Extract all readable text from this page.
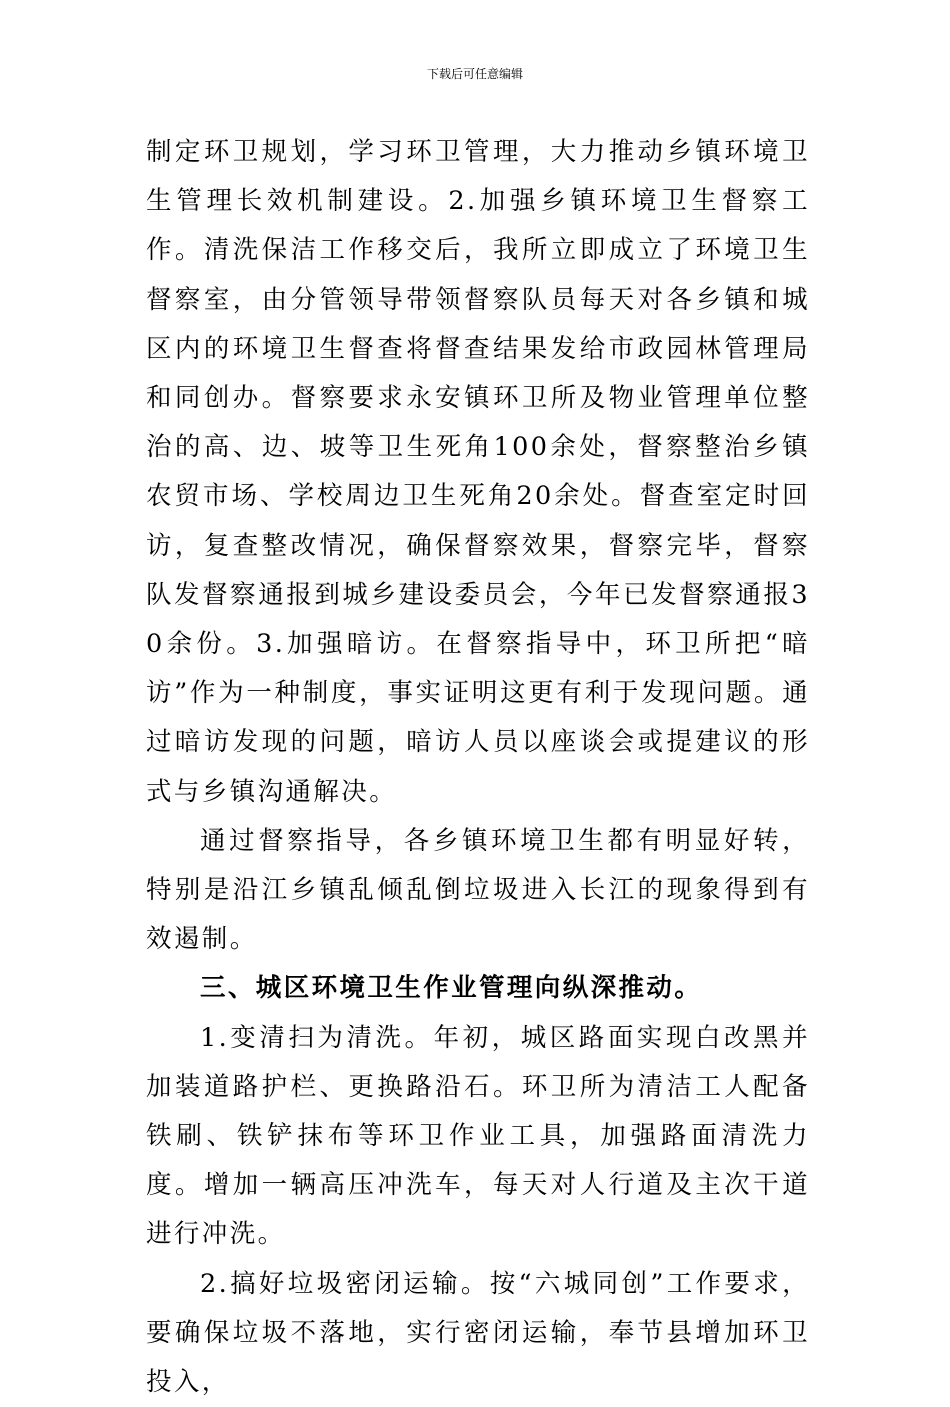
下载后可任意编辑

制定环卫规划，学习环卫管理，大力推动乡镇环境卫生管理长效机制建设。2.加强乡镇环境卫生督察工作。清洗保洁工作移交后，我所立即成立了环境卫生督察室，由分管领导带领督察队员每天对各乡镇和城区内的环境卫生督查将督查结果发给市政园林管理局和同创办。督察要求永安镇环卫所及物业管理单位整治的高、边、坡等卫生死角100余处，督察整治乡镇农贸市场、学校周边卫生死角20余处。督查室定时回访，复查整改情况，确保督察效果，督察完毕，督察队发督察通报到城乡建设委员会，今年已发督察通报30余份。3.加强暗访。在督察指导中，环卫所把“暗访”作为一种制度，事实证明这更有利于发现问题。通过暗访发现的问题，暗访人员以座谈会或提建议的形式与乡镇沟通解决。

通过督察指导，各乡镇环境卫生都有明显好转，特别是沿江乡镇乱倾乱倒垃圾进入长江的现象得到有效遏制。

三、城区环境卫生作业管理向纵深推动。

1.变清扫为清洗。年初，城区路面实现白改黑并加装道路护栏、更换路沿石。环卫所为清洁工人配备铁刷、铁铲抹布等环卫作业工具，加强路面清洗力度。增加一辆高压冲洗车，每天对人行道及主次干道进行冲洗。

2.搞好垃圾密闭运输。按“六城同创”工作要求，要确保垃圾不落地，实行密闭运输，奉节县增加环卫投入，
